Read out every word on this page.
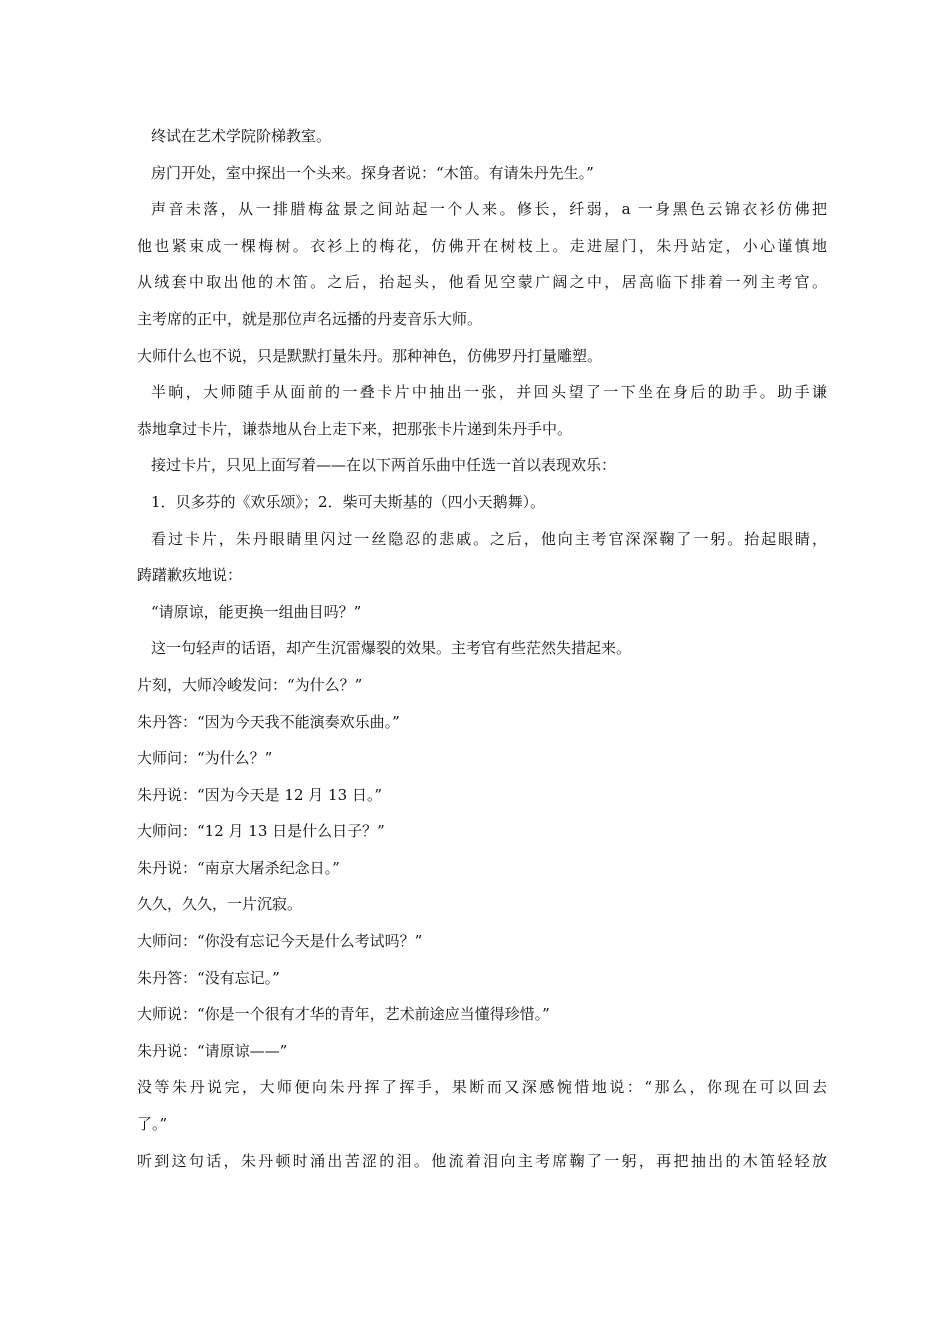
终试在艺术学院阶梯教室。
房门开处，室中探出一个头来。探身者说：“木笛。有请朱丹先生。”
声音未落，从一排腊梅盆景之间站起一个人来。修长，纤弱，a 一身黑色云锦衣衫仿佛把
他也紧束成一棵梅树。衣衫上的梅花，仿佛开在树枝上。走进屋门，朱丹站定，小心谨慎地
从绒套中取出他的木笛。之后，抬起头，他看见空蒙广阔之中，居高临下排着一列主考官。
主考席的正中，就是那位声名远播的丹麦音乐大师。
大师什么也不说，只是默默打量朱丹。那种神色，仿佛罗丹打量雕塑。
半晌，大师随手从面前的一叠卡片中抽出一张，并回头望了一下坐在身后的助手。助手谦
恭地拿过卡片，谦恭地从台上走下来，把那张卡片递到朱丹手中。
接过卡片，只见上面写着——在以下两首乐曲中任选一首以表现欢乐：
1．贝多芬的《欢乐颂》；2．柴可夫斯基的（四小天鹅舞）。
看过卡片，朱丹眼睛里闪过一丝隐忍的悲戚。之后，他向主考官深深鞠了一躬。抬起眼睛，
踌躇歉疚地说：
“请原谅，能更换一组曲目吗？”
这一句轻声的话语，却产生沉雷爆裂的效果。主考官有些茫然失措起来。
片刻，大师冷峻发问：“为什么？”
朱丹答：“因为今天我不能演奏欢乐曲。”
大师问：“为什么？”
朱丹说：“因为今天是 12 月 13 日。”
大师问：“12 月 13 日是什么日子？”
朱丹说：“南京大屠杀纪念日。”
久久，久久，一片沉寂。
大师问：“你没有忘记今天是什么考试吗？”
朱丹答：“没有忘记。”
大师说：“你是一个很有才华的青年，艺术前途应当懂得珍惜。”
朱丹说：“请原谅——”
没等朱丹说完，大师便向朱丹挥了挥手，果断而又深感惋惜地说：“那么，你现在可以回去
了。”
听到这句话，朱丹顿时涌出苦涩的泪。他流着泪向主考席鞠了一躬，再把抽出的木笛轻轻放
